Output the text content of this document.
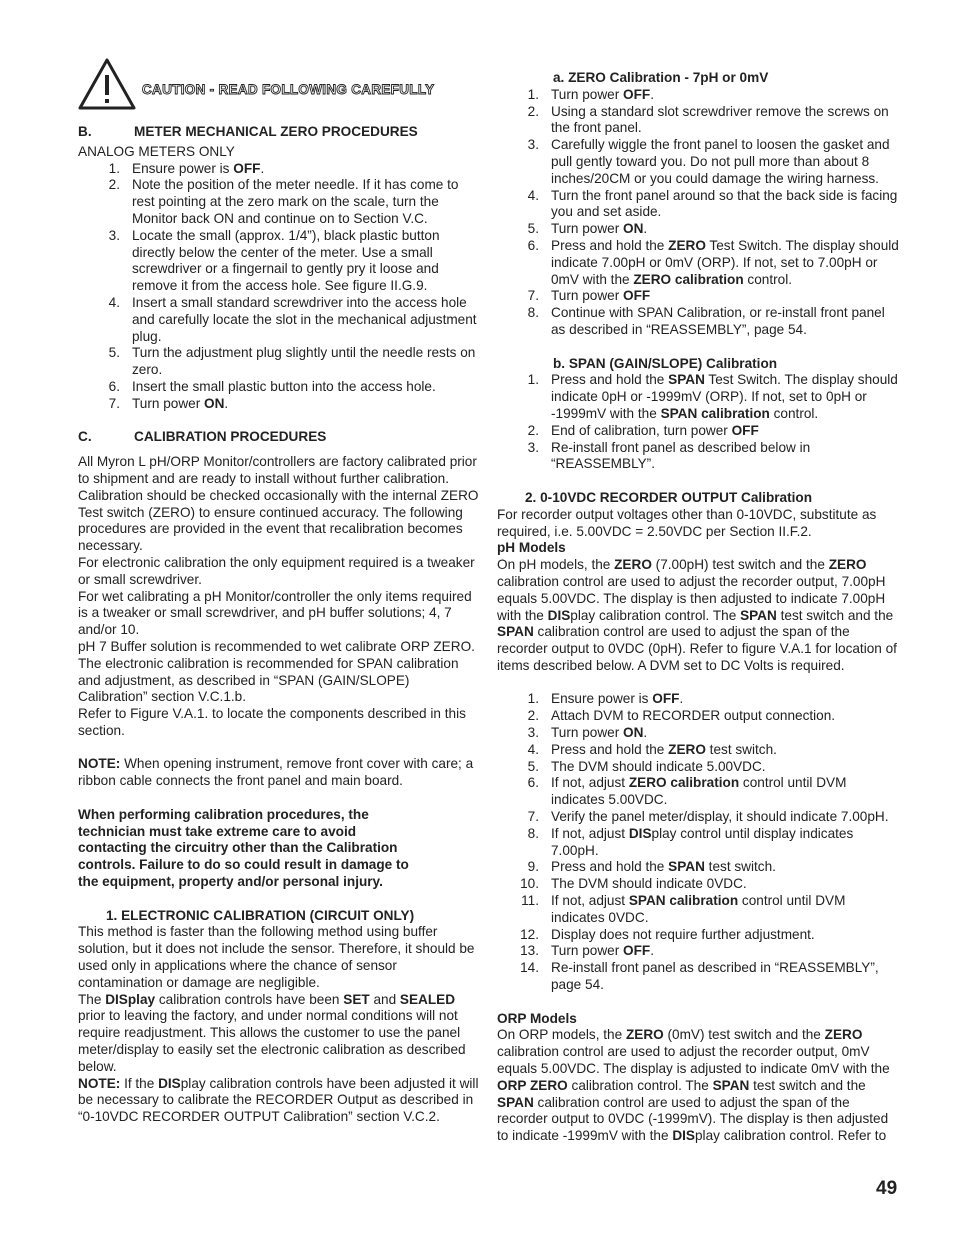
CAUTION - READ FOLLOWING CAREFULLY
B.	METER MECHANICAL ZERO PROCEDURES

ANALOG METERS ONLY

1. Ensure power is OFF.
2. Note the position of the meter needle. If it has come to rest pointing at the zero mark on the scale, turn the Monitor back ON and continue on to Section V.C.
3. Locate the small (approx. 1/4”), black plastic button directly below the center of the meter. Use a small screwdriver or a fingernail to gently pry it loose and remove it from the access hole. See figure II.G.9.
4. Insert a small standard screwdriver into the access hole and carefully locate the slot in the mechanical adjustment plug.
5. Turn the adjustment plug slightly until the needle rests on zero.
6. Insert the small plastic button into the access hole.
7. Turn power ON.
C.	CALIBRATION PROCEDURES

All Myron L pH/ORP Monitor/controllers are factory calibrated prior to shipment and are ready to install without further calibration. Calibration should be checked occasionally with the internal ZERO Test switch (ZERO) to ensure continued accuracy. The following procedures are provided in the event that recalibration becomes necessary.

For electronic calibration the only equipment required is a tweaker or small screwdriver.

For wet calibrating a pH Monitor/controller the only items required is a tweaker or small screwdriver, and pH buffer solutions; 4, 7 and/or 10.

pH 7 Buffer solution is recommended to wet calibrate ORP ZERO. The electronic calibration is recommended for SPAN calibration and adjustment, as described in “SPAN (GAIN/SLOPE) Calibration” section V.C.1.b.

Refer to Figure V.A.1. to locate the components described in this section.

NOTE: When opening instrument, remove front cover with care; a ribbon cable connects the front panel and main board.

When performing calibration procedures, the technician must take extreme care to avoid contacting the circuitry other than the Calibration controls. Failure to do so could result in damage to the equipment, property and/or personal injury.

1. ELECTRONIC CALIBRATION (CIRCUIT ONLY)

This method is faster than the following method using buffer solution, but it does not include the sensor. Therefore, it should be used only in applications where the chance of sensor contamination or damage are negligible.

The DISplay calibration controls have been SET and SEALED prior to leaving the factory, and under normal conditions will not require readjustment. This allows the customer to use the panel meter/display to easily set the electronic calibration as described below.

NOTE: If the DISplay calibration controls have been adjusted it will be necessary to calibrate the RECORDER Output as described in “0-10VDC RECORDER OUTPUT Calibration” section V.C.2.

a. ZERO Calibration - 7pH or 0mV

1. Turn power OFF.
2. Using a standard slot screwdriver remove the screws on the front panel.
3. Carefully wiggle the front panel to loosen the gasket and pull gently toward you. Do not pull more than about 8 inches/20CM or you could damage the wiring harness.
4. Turn the front panel around so that the back side is facing you and set aside.
5. Turn power ON.
6. Press and hold the ZERO Test Switch. The display should indicate 7.00pH or 0mV (ORP). If not, set to 7.00pH or 0mV with the ZERO calibration control.
7. Turn power OFF
8. Continue with SPAN Calibration, or re-install front panel as described in “REASSEMBLY”, page 54.

b. SPAN (GAIN/SLOPE) Calibration

1. Press and hold the SPAN Test Switch. The display should indicate 0pH or -1999mV (ORP). If not, set to 0pH or -1999mV with the SPAN calibration control.
2. End of calibration, turn power OFF
3. Re-install front panel as described below in “REASSEMBLY”.

2. 0-10VDC RECORDER OUTPUT Calibration

For recorder output voltages other than 0-10VDC, substitute as required, i.e. 5.00VDC = 2.50VDC per Section II.F.2.

pH Models

On pH models, the ZERO (7.00pH) test switch and the ZERO calibration control are used to adjust the recorder output, 7.00pH equals 5.00VDC. The display is then adjusted to indicate 7.00pH with the DISplay calibration control. The SPAN test switch and the SPAN calibration control are used to adjust the span of the recorder output to 0VDC (0pH). Refer to figure V.A.1 for location of items described below. A DVM set to DC Volts is required.

1. Ensure power is OFF.
2. Attach DVM to RECORDER output connection.
3. Turn power ON.
4. Press and hold the ZERO test switch.
5. The DVM should indicate 5.00VDC.
6. If not, adjust ZERO calibration control until DVM indicates 5.00VDC.
7. Verify the panel meter/display, it should indicate 7.00pH.
8. If not, adjust DISplay control until display indicates 7.00pH.
9. Press and hold the SPAN test switch.
10. The DVM should indicate 0VDC.
11. If not, adjust SPAN calibration control until DVM indicates 0VDC.
12. Display does not require further adjustment.
13. Turn power OFF.
14. Re-install front panel as described in “REASSEMBLY”, page 54.

ORP Models

On ORP models, the ZERO (0mV) test switch and the ZERO calibration control are used to adjust the recorder output, 0mV equals 5.00VDC. The display is adjusted to indicate 0mV with the ORP ZERO calibration control. The SPAN test switch and the SPAN calibration control are used to adjust the span of the recorder output to 0VDC (-1999mV). The display is then adjusted to indicate -1999mV with the DISplay calibration control. Refer to

49
